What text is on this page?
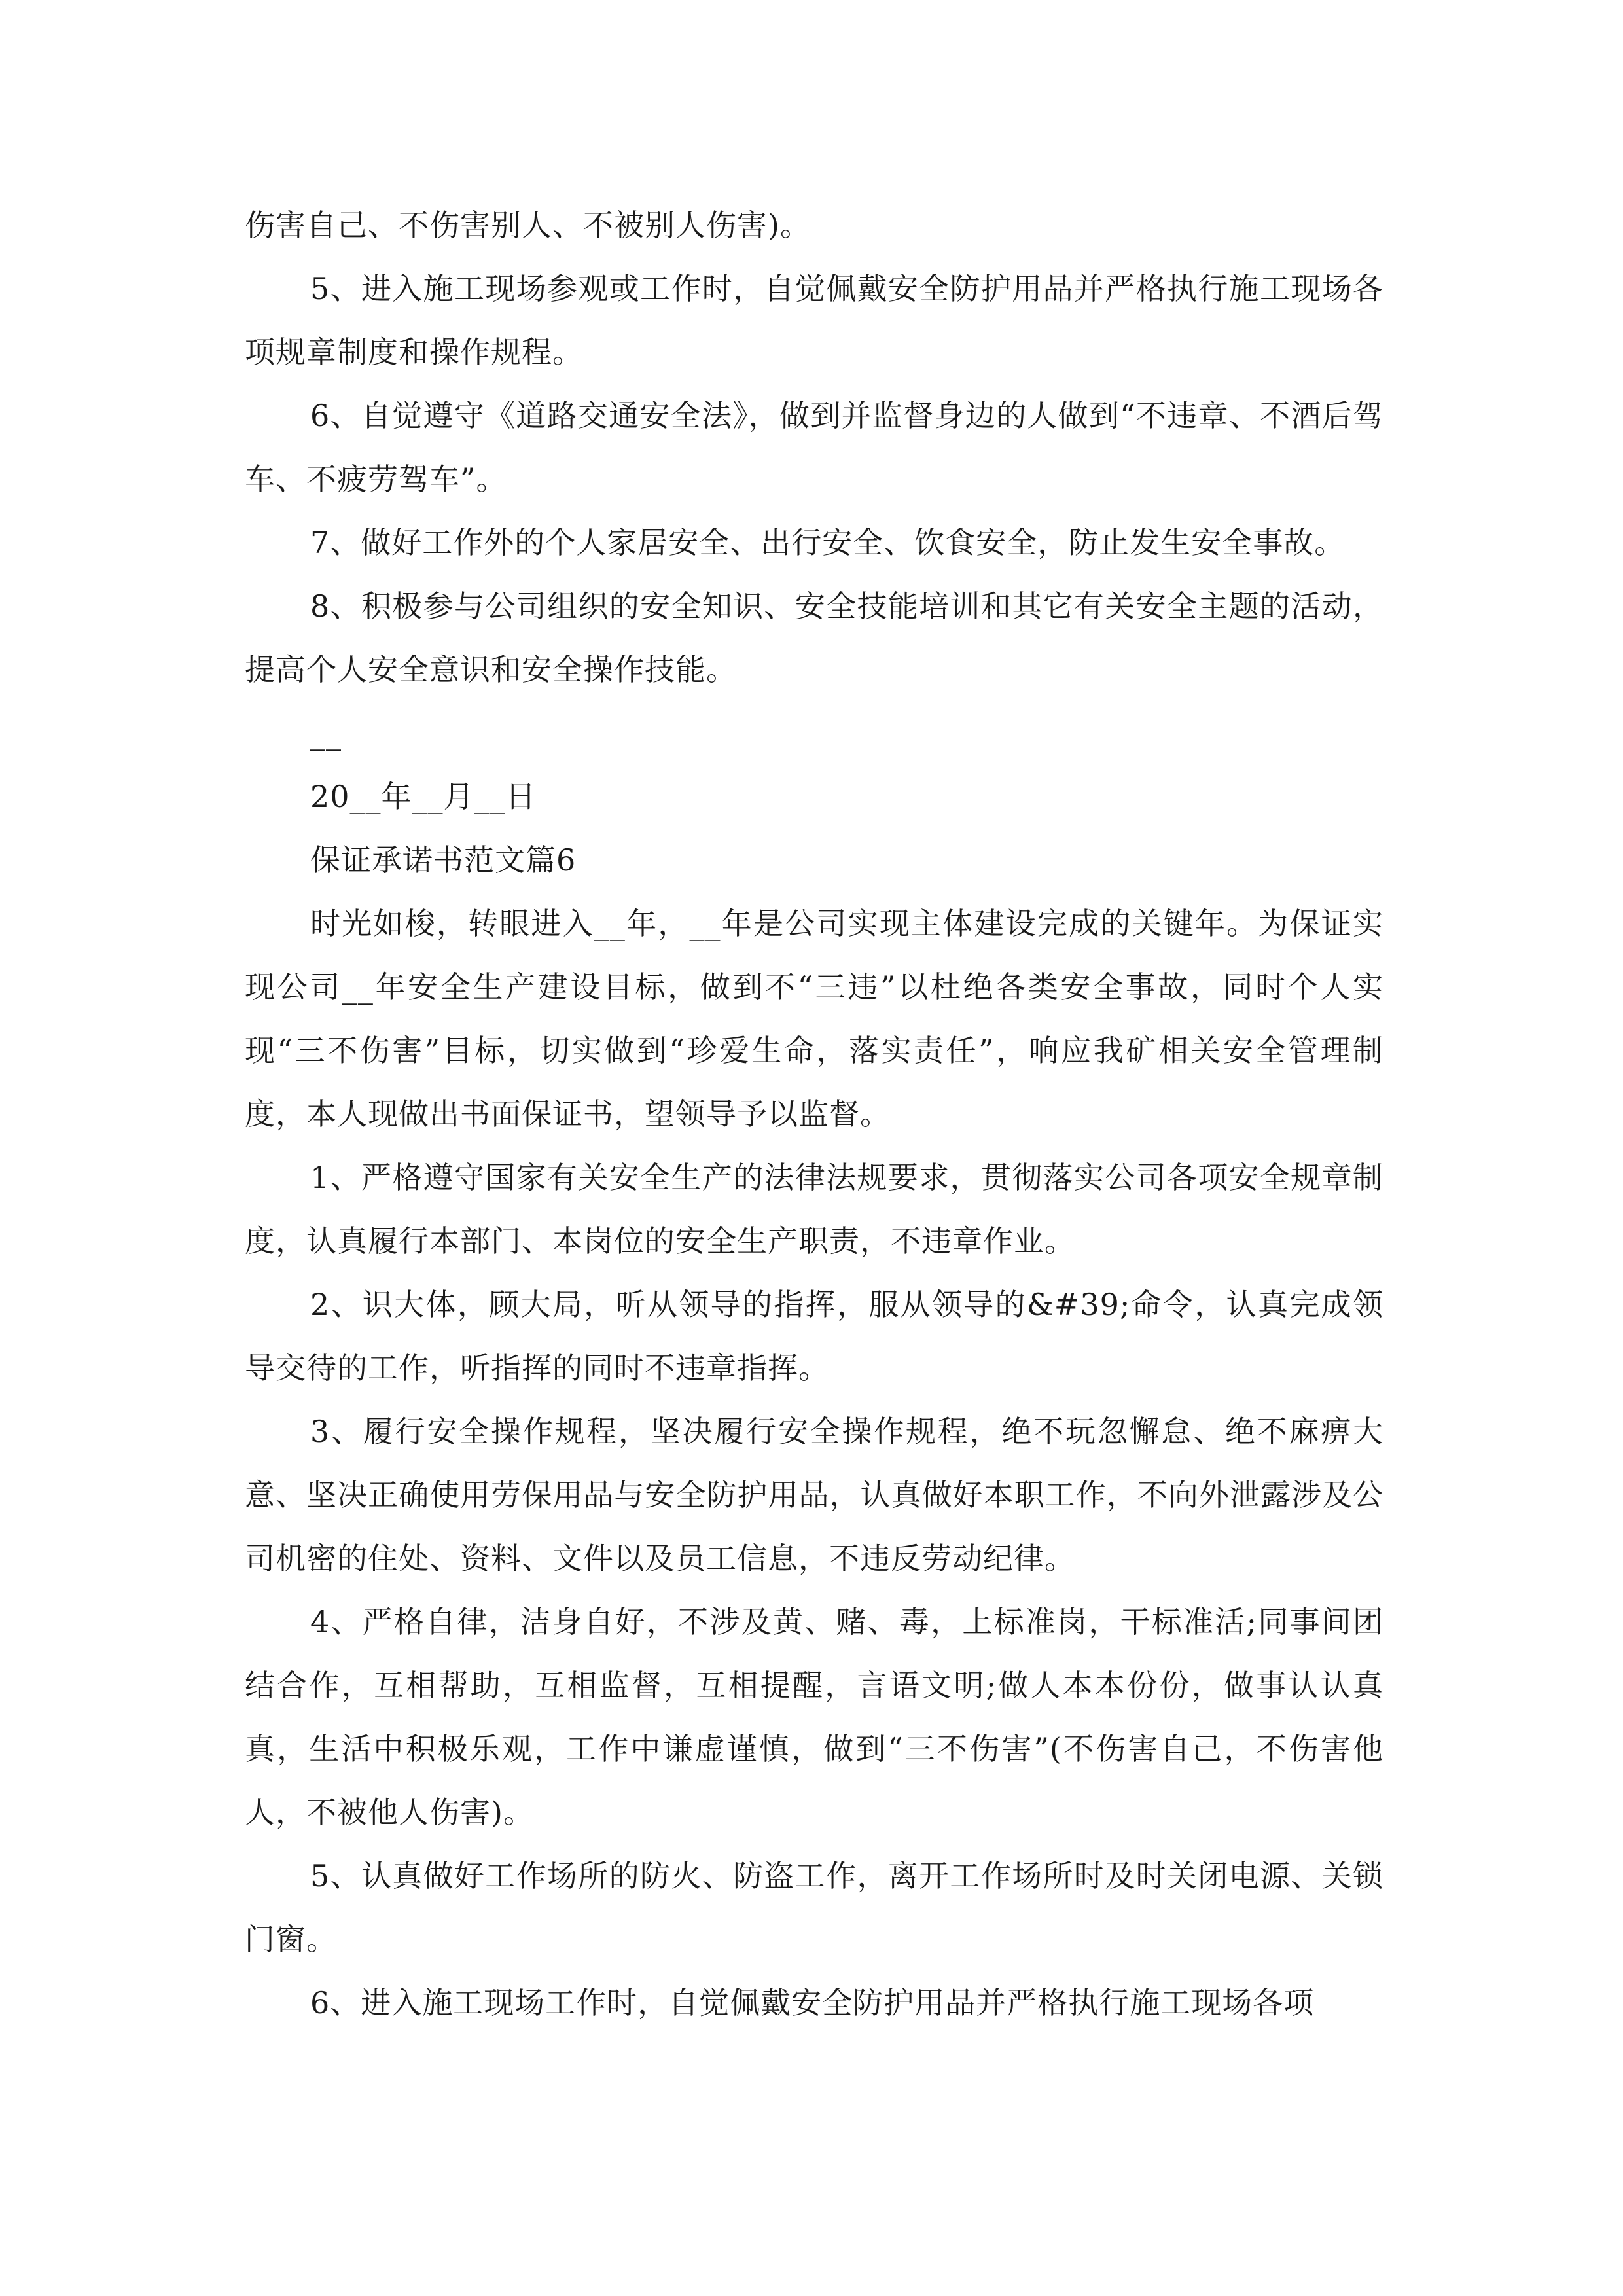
伤害自己、不伤害别人、不被别人伤害)。

5、进入施工现场参观或工作时，自觉佩戴安全防护用品并严格执行施工现场各项规章制度和操作规程。

6、自觉遵守《道路交通安全法》，做到并监督身边的人做到“不违章、不酒后驾车、不疲劳驾车”。

7、做好工作外的个人家居安全、出行安全、饮食安全，防止发生安全事故。

8、积极参与公司组织的安全知识、安全技能培训和其它有关安全主题的活动，提高个人安全意识和安全操作技能。

__

20__年__月__日

保证承诺书范文篇6

时光如梭，转眼进入__年，__年是公司实现主体建设完成的关键年。为保证实现公司__年安全生产建设目标，做到不“三违”以杜绝各类安全事故，同时个人实现“三不伤害”目标，切实做到“珍爱生命，落实责任”，响应我矿相关安全管理制度，本人现做出书面保证书，望领导予以监督。

1、严格遵守国家有关安全生产的法律法规要求，贯彻落实公司各项安全规章制度，认真履行本部门、本岗位的安全生产职责，不违章作业。

2、识大体，顾大局，听从领导的指挥，服从领导的&#39;命令，认真完成领导交待的工作，听指挥的同时不违章指挥。

3、履行安全操作规程，坚决履行安全操作规程，绝不玩忽懈怠、绝不麻痹大意、坚决正确使用劳保用品与安全防护用品，认真做好本职工作，不向外泄露涉及公司机密的住处、资料、文件以及员工信息，不违反劳动纪律。

4、严格自律，洁身自好，不涉及黄、赌、毒，上标准岗，干标准活;同事间团结合作，互相帮助，互相监督，互相提醒，言语文明;做人本本份份，做事认认真真，生活中积极乐观，工作中谦虚谨慎，做到“三不伤害”(不伤害自己，不伤害他人，不被他人伤害)。

5、认真做好工作场所的防火、防盗工作，离开工作场所时及时关闭电源、关锁门窗。

6、进入施工现场工作时，自觉佩戴安全防护用品并严格执行施工现场各项
